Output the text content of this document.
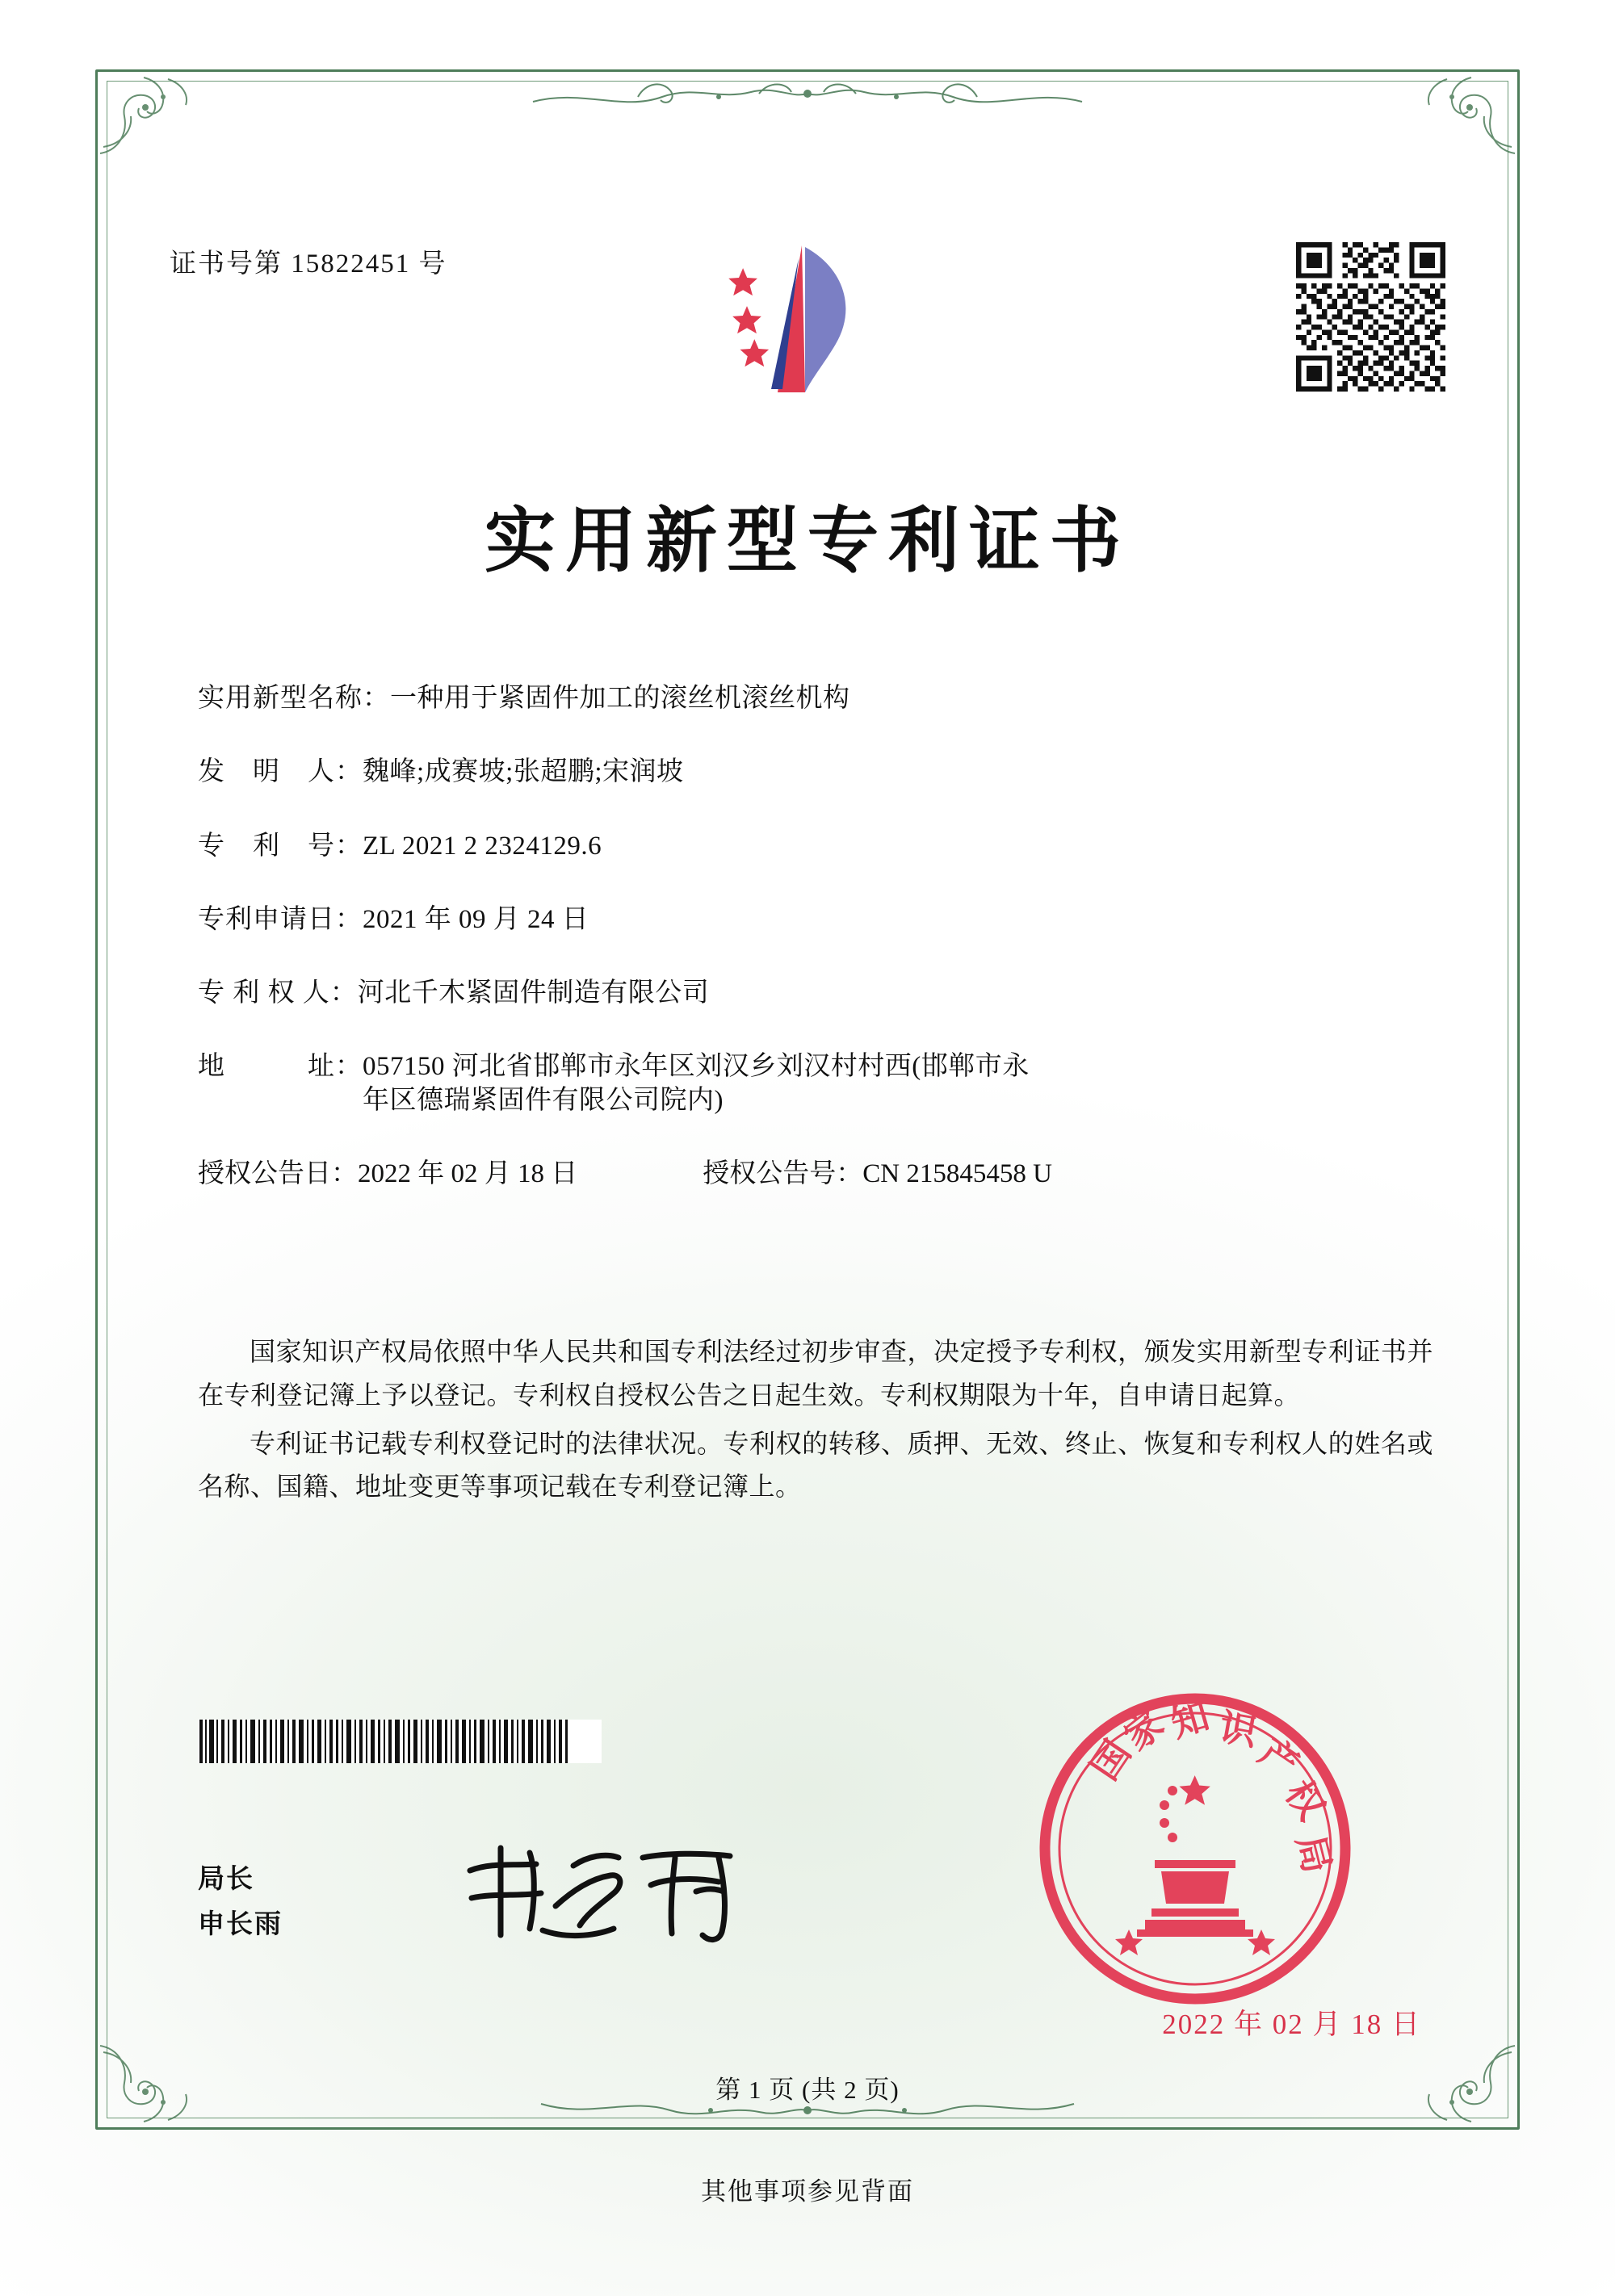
证书号第 15822451 号
实用新型专利证书
实用新型名称： 一种用于紧固件加工的滚丝机滚丝机构
发　明　人： 魏峰;成赛坡;张超鹏;宋润坡
专　利　号： ZL 2021 2 2324129.6
专利申请日： 2021 年 09 月 24 日
专 利 权 人： 河北千木紧固件制造有限公司
地　　　址： 057150 河北省邯郸市永年区刘汉乡刘汉村村西(邯郸市永
年区德瑞紧固件有限公司院内)
授权公告日： 2022 年 02 月 18 日	授权公告号： CN 215845458 U

国家知识产权局依照中华人民共和国专利法经过初步审查，决定授予专利权，颁发实用新型专利证书并在专利登记簿上予以登记。专利权自授权公告之日起生效。专利权期限为十年，自申请日起算。

专利证书记载专利权登记时的法律状况。专利权的转移、质押、无效、终止、恢复和专利权人的姓名或名称、国籍、地址变更等事项记载在专利登记簿上。

局长
申长雨
国
家
知 识
产
权
局
2022 年 02 月 18 日
第 1 页 (共 2 页)
其他事项参见背面
